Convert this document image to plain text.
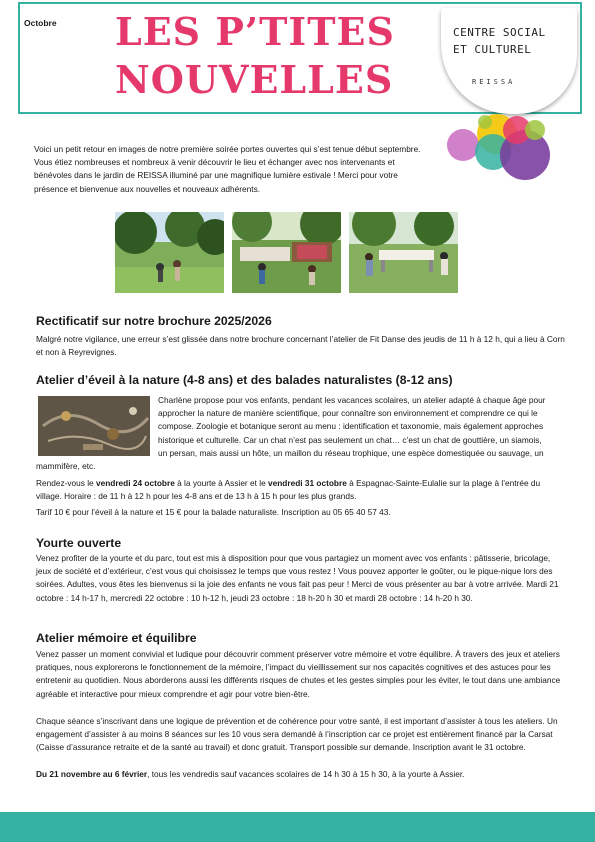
Octobre LES P’TITES
NOUVELLES
CENTRE SOCIAL
ET CULTUREL
REISSA

Voici un petit retour en images de notre première soirée portes ouvertes qui s’est tenue début septembre. Vous étiez nombreuses et nombreux à venir découvrir le lieu et échanger avec nos intervenants et bénévoles dans le jardin de REISSA illuminé par une magnifique lumière estivale ! Merci pour votre présence et bienvenue aux nouvelles et nouveaux adhérents.

Rectificatif sur notre brochure 2025/2026

Malgré notre vigilance, une erreur s’est glissée dans notre brochure concernant l’atelier de Fit Danse des jeudis de 11 h à 12 h, qui a lieu à Corn et non à Reyrevignes.

Atelier d’éveil à la nature (4-8 ans) et des balades naturalistes (8-12 ans)

Charlène propose pour vos enfants, pendant les vacances scolaires, un atelier adapté à chaque âge pour approcher la nature de manière scientifique, pour connaître son environnement et comprendre ce qui le compose. Zoologie et botanique seront au menu : identification et taxonomie, mais également approches historique et culturelle. Car un chat n’est pas seulement un chat… c’est un chat de gouttière, un siamois, un persan, mais aussi un hôte, un maillon du réseau trophique, une espèce domestiquée ou sauvage, un
mammifère, etc.

Rendez-vous le vendredi 24 octobre à la yourte à Assier et le vendredi 31 octobre à Espagnac-Sainte-Eulalie sur la plage à l’entrée du village. Horaire : de 11 h à 12 h pour les 4-8 ans et de 13 h à 15 h pour les plus grands.

Tarif 10 € pour l’éveil à la nature et 15 € pour la balade naturaliste. Inscription au 05 65 40 57 43.

Yourte ouverte

Venez profiter de la yourte et du parc, tout est mis à disposition pour que vous partagiez un moment avec vos enfants : pâtisserie, bricolage, jeux de société et d’extérieur, c’est vous qui choisissez le temps que vous restez ! Vous pouvez apporter le goûter, ou le pique-nique lors des soirées. Adultes, vous êtes les bienvenus si la joie des enfants ne vous fait pas peur ! Merci de vous présenter au bar à votre arrivée. Mardi 21 octobre : 14 h-17 h, mercredi 22 octobre : 10 h-12 h, jeudi 23 octobre : 18 h-20 h 30 et mardi 28 octobre : 14 h-20 h 30.

Atelier mémoire et équilibre

Venez passer un moment convivial et ludique pour découvrir comment préserver votre mémoire et votre équilibre. À travers des jeux et ateliers pratiques, nous explorerons le fonctionnement de la mémoire, l’impact du vieillissement sur nos capacités cognitives et des astuces pour les entretenir au quotidien. Nous aborderons aussi les différents risques de chutes et les gestes simples pour les éviter, le tout dans une ambiance agréable et interactive pour mieux comprendre et agir pour votre bien-être.

Chaque séance s’inscrivant dans une logique de prévention et de cohérence pour votre santé, il est important d’assister à tous les ateliers. Un engagement d’assister à au moins 8 séances sur les 10 vous sera demandé à l’inscription car ce projet est entièrement financé par la Carsat (Caisse d’assurance retraite et de la santé au travail) et donc gratuit. Transport possible sur demande. Inscription avant le 31 octobre.

Du 21 novembre au 6 février, tous les vendredis sauf vacances scolaires de 14 h 30 à 15 h 30, à la yourte à Assier.
